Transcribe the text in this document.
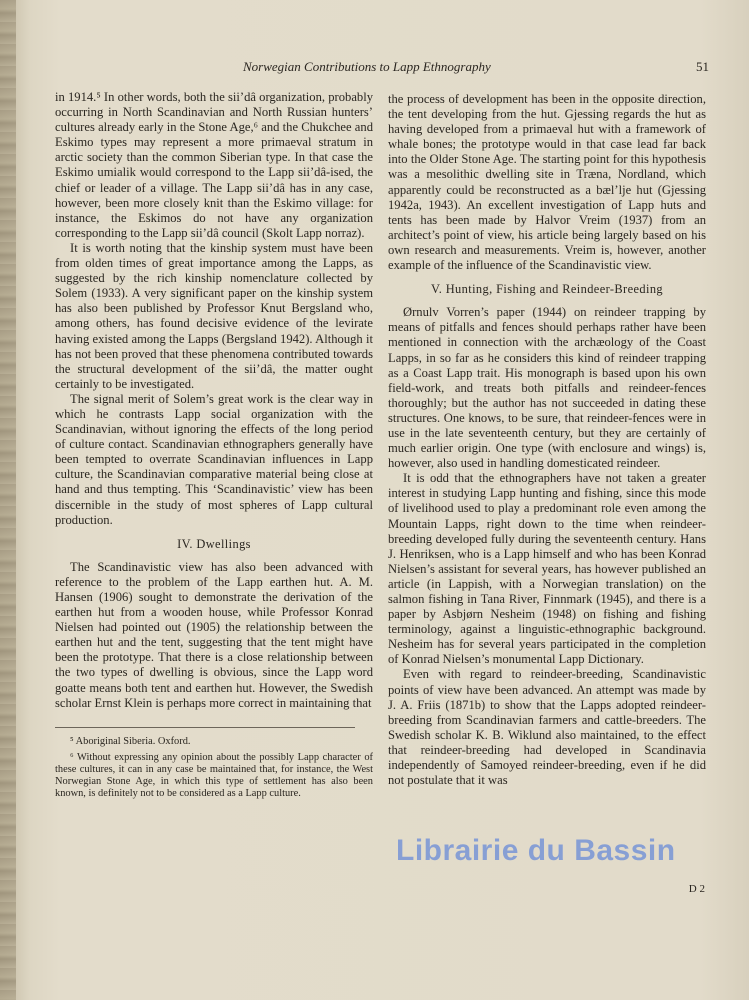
Norwegian Contributions to Lapp Ethnography	51

in 1914.⁵ In other words, both the sii’dâ organization, probably occurring in North Scandinavian and North Russian hunters’ cultures already early in the Stone Age,⁶ and the Chukchee and Eskimo types may represent a more primaeval stratum in arctic society than the common Siberian type. In that case the Eskimo umialik would correspond to the Lapp sii’dâ-ised, the chief or leader of a village. The Lapp sii’dâ has in any case, however, been more closely knit than the Eskimo village: for instance, the Eskimos do not have any organization corresponding to the Lapp sii’dâ council (Skolt Lapp norraz).

It is worth noting that the kinship system must have been from olden times of great importance among the Lapps, as suggested by the rich kinship nomenclature collected by Solem (1933). A very significant paper on the kinship system has also been published by Professor Knut Bergsland who, among others, has found decisive evidence of the levirate having existed among the Lapps (Bergsland 1942). Although it has not been proved that these phenomena contributed towards the structural development of the sii’dâ, the matter ought certainly to be investigated.

The signal merit of Solem’s great work is the clear way in which he contrasts Lapp social organization with the Scandinavian, without ignoring the effects of the long period of culture contact. Scandinavian ethnographers generally have been tempted to overrate Scandinavian influences in Lapp culture, the Scandinavian comparative material being close at hand and thus tempting. This ‘Scandinavistic’ view has been discernible in the study of most spheres of Lapp cultural production.

IV. Dwellings

The Scandinavistic view has also been advanced with reference to the problem of the Lapp earthen hut. A. M. Hansen (1906) sought to demonstrate the derivation of the earthen hut from a wooden house, while Professor Konrad Nielsen had pointed out (1905) the relationship between the earthen hut and the tent, suggesting that the tent might have been the prototype. That there is a close relationship between the two types of dwelling is obvious, since the Lapp word goatte means both tent and earthen hut. However, the Swedish scholar Ernst Klein is perhaps more correct in maintaining that

⁵ Aboriginal Siberia. Oxford.

⁶ Without expressing any opinion about the possibly Lapp character of these cultures, it can in any case be maintained that, for instance, the West Norwegian Stone Age, in which this type of settlement has also been known, is definitely not to be considered as a Lapp culture.

the process of development has been in the opposite direction, the tent developing from the hut. Gjessing regards the hut as having developed from a primaeval hut with a framework of whale bones; the prototype would in that case lead far back into the Older Stone Age. The starting point for this hypothesis was a mesolithic dwelling site in Træna, Nordland, which apparently could be reconstructed as a bæl’lje hut (Gjessing 1942a, 1943). An excellent investigation of Lapp huts and tents has been made by Halvor Vreim (1937) from an architect’s point of view, his article being largely based on his own research and measurements. Vreim is, however, another example of the influence of the Scandinavistic view.

V. Hunting, Fishing and Reindeer-Breeding

Ørnulv Vorren’s paper (1944) on reindeer trapping by means of pitfalls and fences should perhaps rather have been mentioned in connection with the archæology of the Coast Lapps, in so far as he considers this kind of reindeer trapping as a Coast Lapp trait. His monograph is based upon his own field-work, and treats both pitfalls and reindeer-fences thoroughly; but the author has not succeeded in dating these structures. One knows, to be sure, that reindeer-fences were in use in the late seventeenth century, but they are certainly of much earlier origin. One type (with enclosure and wings) is, however, also used in handling domesticated reindeer.

It is odd that the ethnographers have not taken a greater interest in studying Lapp hunting and fishing, since this mode of livelihood used to play a predominant role even among the Mountain Lapps, right down to the time when reindeer-breeding developed fully during the seventeenth century. Hans J. Henriksen, who is a Lapp himself and who has been Konrad Nielsen’s assistant for several years, has however published an article (in Lappish, with a Norwegian translation) on the salmon fishing in Tana River, Finnmark (1945), and there is a paper by Asbjørn Nesheim (1948) on fishing and fishing terminology, against a linguistic-ethnographic background. Nesheim has for several years participated in the completion of Konrad Nielsen’s monumental Lapp Dictionary.

Even with regard to reindeer-breeding, Scandinavistic points of view have been advanced. An attempt was made by J. A. Friis (1871b) to show that the Lapps adopted reindeer-breeding from Scandinavian farmers and cattle-breeders. The Swedish scholar K. B. Wiklund also maintained, to the effect that reindeer-breeding had developed in Scandinavia independently of Samoyed reindeer-breeding, even if he did not postulate that it was

D 2
Librairie du Bassin
